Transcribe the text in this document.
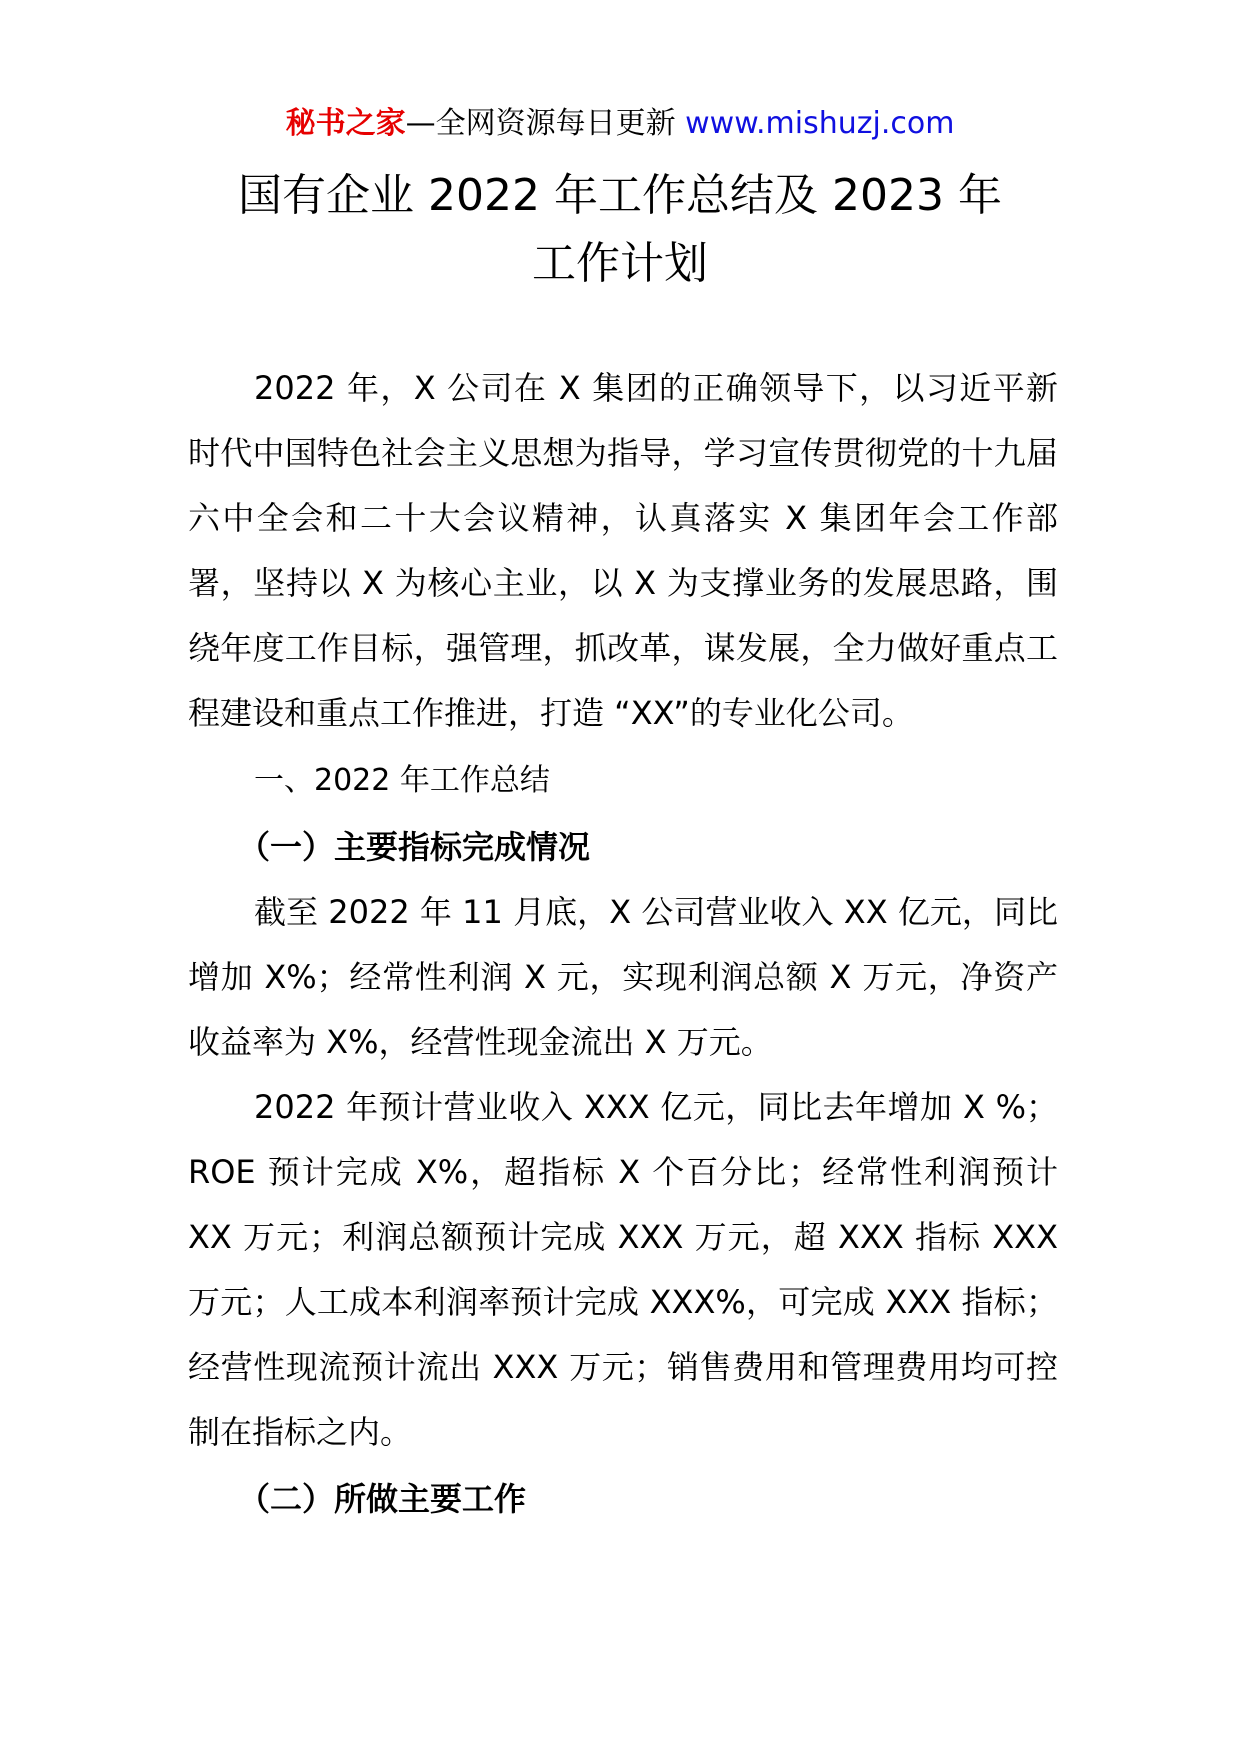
秘书之家—全网资源每日更新 www.mishuzj.com
国有企业 2022 年工作总结及 2023 年
工作计划

2022 年，X 公司在 X 集团的正确领导下，以习近平新时代中国特色社会主义思想为指导，学习宣传贯彻党的十九届六中全会和二十大会议精神，认真落实 X 集团年会工作部署，坚持以 X 为核心主业，以 X 为支撑业务的发展思路，围绕年度工作目标，强管理，抓改革，谋发展，全力做好重点工程建设和重点工作推进，打造 “XX”的专业化公司。

一、2022 年工作总结

（一）主要指标完成情况

截至 2022 年 11 月底，X 公司营业收入 XX 亿元，同比增加 X%；经常性利润 X 元，实现利润总额 X 万元，净资产收益率为 X%，经营性现金流出 X 万元。

2022 年预计营业收入 XXX 亿元，同比去年增加 X %；ROE 预计完成 X%，超指标 X 个百分比；经常性利润预计 XX 万元；利润总额预计完成 XXX 万元，超 XXX 指标 XXX 万元；人工成本利润率预计完成 XXX%，可完成 XXX 指标；经营性现流预计流出 XXX 万元；销售费用和管理费用均可控制在指标之内。

（二）所做主要工作
